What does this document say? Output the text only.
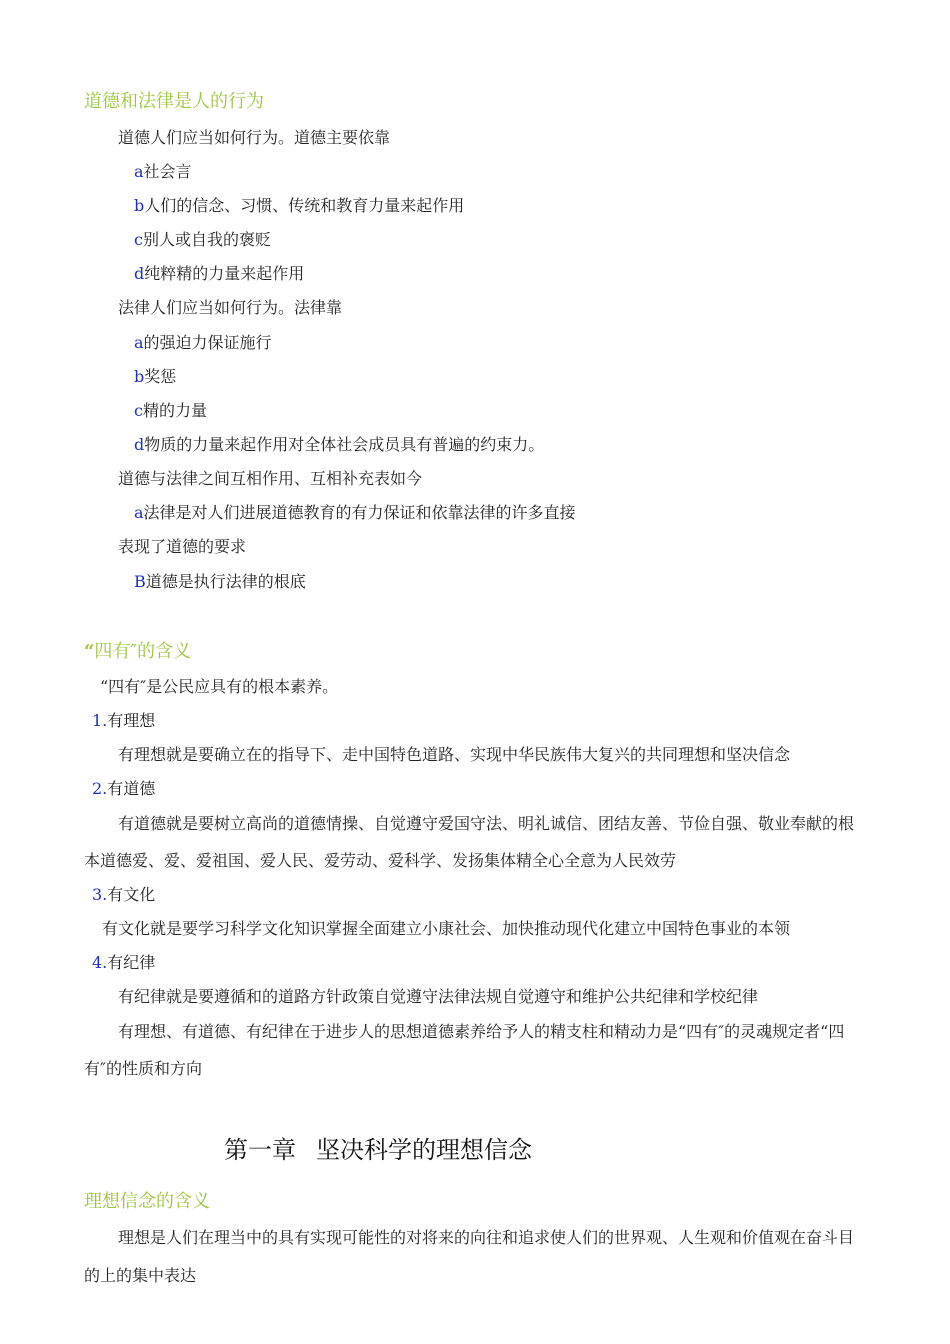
道德和法律是人的行为
道德人们应当如何行为。道德主要依靠
a社会言
b人们的信念、习惯、传统和教育力量来起作用
c别人或自我的褒贬
d纯粹精的力量来起作用
法律人们应当如何行为。法律靠
a的强迫力保证施行
b奖惩
c精的力量
d物质的力量来起作用对全体社会成员具有普遍的约束力。
道德与法律之间互相作用、互相补充表如今
a法律是对人们进展道德教育的有力保证和依靠法律的许多直接
表现了道德的要求
B道德是执行法律的根底
“四有″的含义
“四有″是公民应具有的根本素养。
1.有理想
有理想就是要确立在的指导下、走中国特色道路、实现中华民族伟大复兴的共同理想和坚决信念
2.有道德
有道德就是要树立高尚的道德情操、自觉遵守爱国守法、明礼诚信、团结友善、节俭自强、敬业奉献的根
本道德爱、爱、爱祖国、爱人民、爱劳动、爱科学、发扬集体精全心全意为人民效劳
3.有文化
有文化就是要学习科学文化知识掌握全面建立小康社会、加快推动现代化建立中国特色事业的本领
4.有纪律
有纪律就是要遵循和的道路方针政策自觉遵守法律法规自觉遵守和维护公共纪律和学校纪律
有理想、有道德、有纪律在于进步人的思想道德素养给予人的精支柱和精动力是“四有″的灵魂规定者“四
有″的性质和方向
第一章 坚决科学的理想信念
理想信念的含义
理想是人们在理当中的具有实现可能性的对将来的向往和追求使人们的世界观、人生观和价值观在奋斗目
的上的集中表达
